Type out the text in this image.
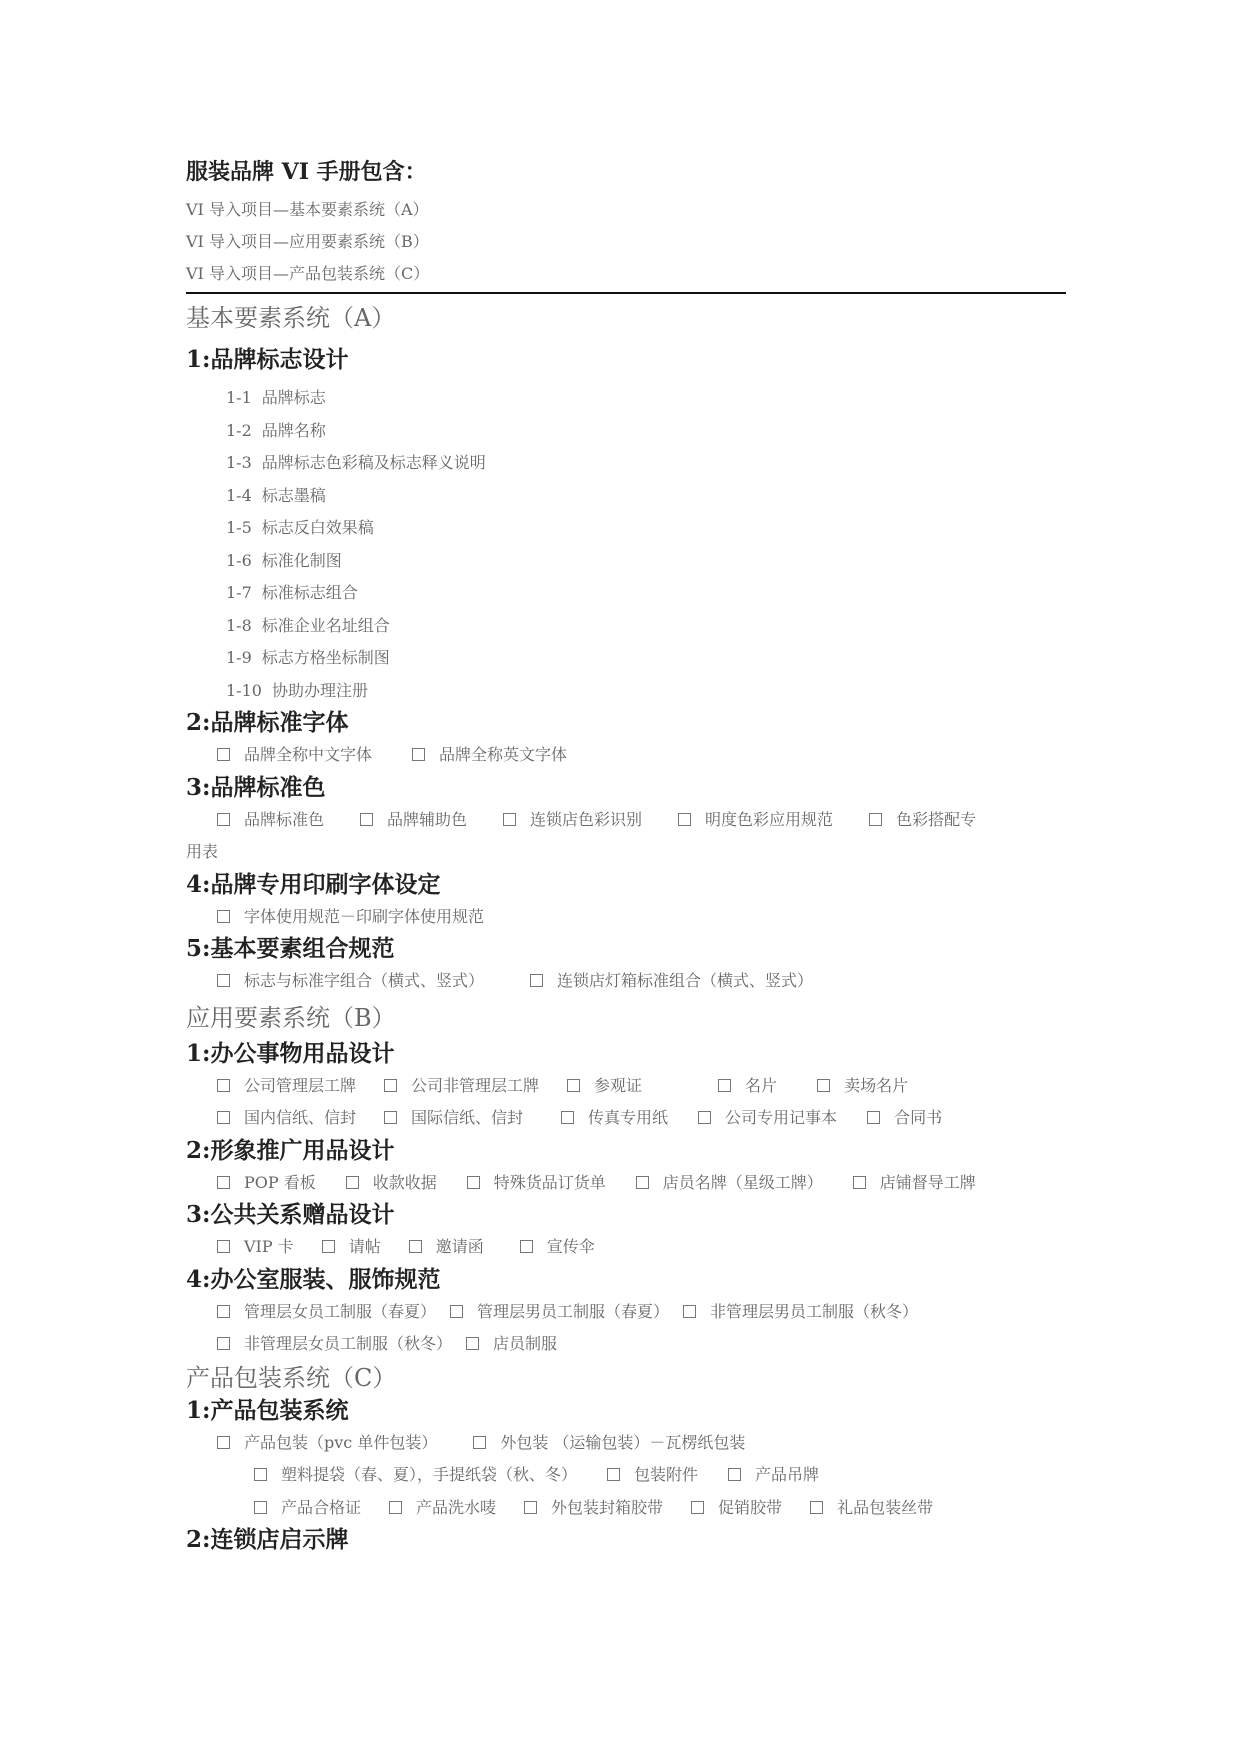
服装品牌 VI 手册包含：

VI 导入项目—基本要素系统（A）

VI 导入项目—应用要素系统（B）

VI 导入项目—产品包装系统（C）

基本要素系统（A）
1:品牌标志设计
1-1 品牌标志
1-2 品牌名称
1-3 品牌标志色彩稿及标志释义说明
1-4 标志墨稿
1-5 标志反白效果稿
1-6 标准化制图
1-7 标准标志组合
1-8 标准企业名址组合
1-9 标志方格坐标制图
1-10 协助办理注册
2:品牌标准字体

品牌全称中文字体	品牌全称英文字体

3:品牌标准色
品牌标准色	品牌辅助色	连锁店色彩识别	明度色彩应用规范	色彩搭配专
用表
4:品牌专用印刷字体设定

字体使用规范－印刷字体使用规范

5:基本要素组合规范

标志与标准字组合（横式、竖式）	连锁店灯箱标准组合（横式、竖式）

应用要素系统（B）
1:办公事物用品设计

公司管理层工牌	公司非管理层工牌	参观证	名片	卖场名片

国内信纸、信封	国际信纸、信封	传真专用纸	公司专用记事本	合同书

2:形象推广用品设计

POP 看板	收款收据	特殊货品订货单	店员名牌（星级工牌）	店铺督导工牌

3:公共关系赠品设计

VIP 卡	请帖	邀请函	宣传伞

4:办公室服装、服饰规范

管理层女员工制服（春夏）	管理层男员工制服（春夏）	非管理层男员工制服（秋冬）

非管理层女员工制服（秋冬）	店员制服

产品包装系统（C）
1:产品包装系统

产品包装（pvc 单件包装）	外包装 （运输包装）－瓦楞纸包装

塑料提袋（春、夏），手提纸袋（秋、冬）	包装附件	产品吊牌

产品合格证	产品洗水唛	外包装封箱胶带	促销胶带	礼品包装丝带

2:连锁店启示牌
